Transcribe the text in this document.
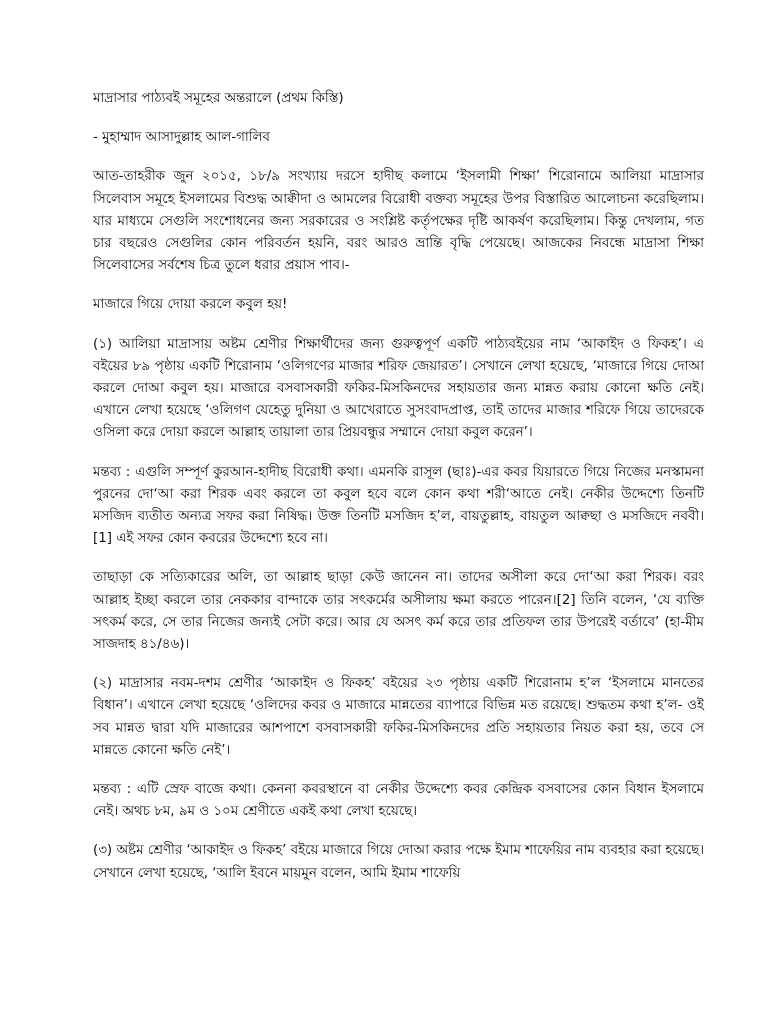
মাদ্রাসার পাঠ্যবই সমূহের অন্তরালে (প্রথম কিস্তি)

- মুহাম্মাদ আসাদুল্লাহ আল-গালিব

আত-তাহরীক জুন ২০১৫, ১৮/৯ সংখ্যায় দরসে হাদীছ কলামে ‘ইসলামী শিক্ষা’ শিরোনামে আলিয়া মাদ্রাসার সিলেবাস সমূহে ইসলামের বিশুদ্ধ আক্বীদা ও আমলের বিরোধী বক্তব্য সমূহের উপর বিস্তারিত আলোচনা করেছিলাম। যার মাধ্যমে সেগুলি সংশোধনের জন্য সরকারের ও সংশ্লিষ্ট কর্তৃপক্ষের দৃষ্টি আকর্ষণ করেছিলাম। কিন্তু দেখলাম, গত চার বছরেও সেগুলির কোন পরিবর্তন হয়নি, বরং আরও ভ্রান্তি বৃদ্ধি পেয়েছে। আজকের নিবন্ধে মাদ্রাসা শিক্ষা সিলেবাসের সর্বশেষ চিত্র তুলে ধরার প্রয়াস পাব।-

মাজারে গিয়ে দোয়া করলে কবুল হয়!

(১) আলিয়া মাদ্রাসায় অষ্টম শ্রেণীর শিক্ষার্থীদের জন্য গুরুত্বপূর্ণ একটি পাঠ্যবইয়ের নাম ‘আকাইদ ও ফিকহ’। এ বইয়ের ৮৯ পৃষ্ঠায় একটি শিরোনাম ‘ওলিগণের মাজার শরিফ জেয়ারত’। সেখানে লেখা হয়েছে, ‘মাজারে গিয়ে দোআ করলে দোআ কবুল হয়। মাজারে বসবাসকারী ফকির-মিসকিনদের সহায়তার জন্য মান্নত করায় কোনো ক্ষতি নেই। এখানে লেখা হয়েছে ‘ওলিগণ যেহেতু দুনিয়া ও আখেরাতে সুসংবাদপ্রাপ্ত, তাই তাদের মাজার শরিফে গিয়ে তাদেরকে ওসিলা করে দোয়া করলে আল্লাহ তায়ালা তার প্রিয়বন্ধুর সম্মানে দোয়া কবুল করেন’।

মন্তব্য : এগুলি সম্পূর্ণ কুরআন-হাদীছ বিরোধী কথা। এমনকি রাসূল (ছাঃ)-এর কবর যিয়ারতে গিয়ে নিজের মনস্কামনা পুরনের দো‘আ করা শিরক এবং করলে তা কবুল হবে বলে কোন কথা শরী‘আতে নেই। নেকীর উদ্দেশ্যে তিনটি মসজিদ ব্যতীত অন্যত্র সফর করা নিষিদ্ধ। উক্ত তিনটি মসজিদ হ’ল, বায়তুল্লাহ, বায়তুল আক্বছা ও মসজিদে নববী।[1] এই সফর কোন কবরের উদ্দেশ্যে হবে না।

তাছাড়া কে সত্যিকারের অলি, তা আল্লাহ ছাড়া কেউ জানেন না। তাদের অসীলা করে দো‘আ করা শিরক। বরং আল্লাহ ইচ্ছা করলে তার নেককার বান্দাকে তার সৎকর্মের অসীলায় ক্ষমা করতে পারেন।[2] তিনি বলেন, ‘যে ব্যক্তি সৎকর্ম করে, সে তার নিজের জন্যই সেটা করে। আর যে অসৎ কর্ম করে তার প্রতিফল তার উপরেই বর্তাবে’ (হা-মীম সাজদাহ ৪১/৪৬)।

(২) মাদ্রাসার নবম-দশম শ্রেণীর ‘আকাইদ ও ফিকহ’ বইয়ের ২৩ পৃষ্ঠায় একটি শিরোনাম হ’ল ‘ইসলামে মানতের বিধান’। এখানে লেখা হয়েছে ‘ওলিদের কবর ও মাজারে মান্নতের ব্যাপারে বিভিন্ন মত রয়েছে। শুদ্ধতম কথা হ’ল- ওই সব মান্নত দ্বারা যদি মাজারের আশপাশে বসবাসকারী ফকির-মিসকিনদের প্রতি সহায়তার নিয়ত করা হয়, তবে সে মান্নতে কোনো ক্ষতি নেই’।

মন্তব্য : এটি স্রেফ বাজে কথা। কেননা কবরস্থানে বা নেকীর উদ্দেশ্যে কবর কেন্দ্রিক বসবাসের কোন বিধান ইসলামে নেই। অথচ ৮ম, ৯ম ও ১০ম শ্রেণীতে একই কথা লেখা হয়েছে।

(৩) অষ্টম শ্রেণীর ‘আকাইদ ও ফিকহ’ বইয়ে মাজারে গিয়ে দোআ করার পক্ষে ইমাম শাফেয়ির নাম ব্যবহার করা হয়েছে। সেখানে লেখা হয়েছে, ‘আলি ইবনে মায়মুন বলেন, আমি ইমাম শাফেয়ি
